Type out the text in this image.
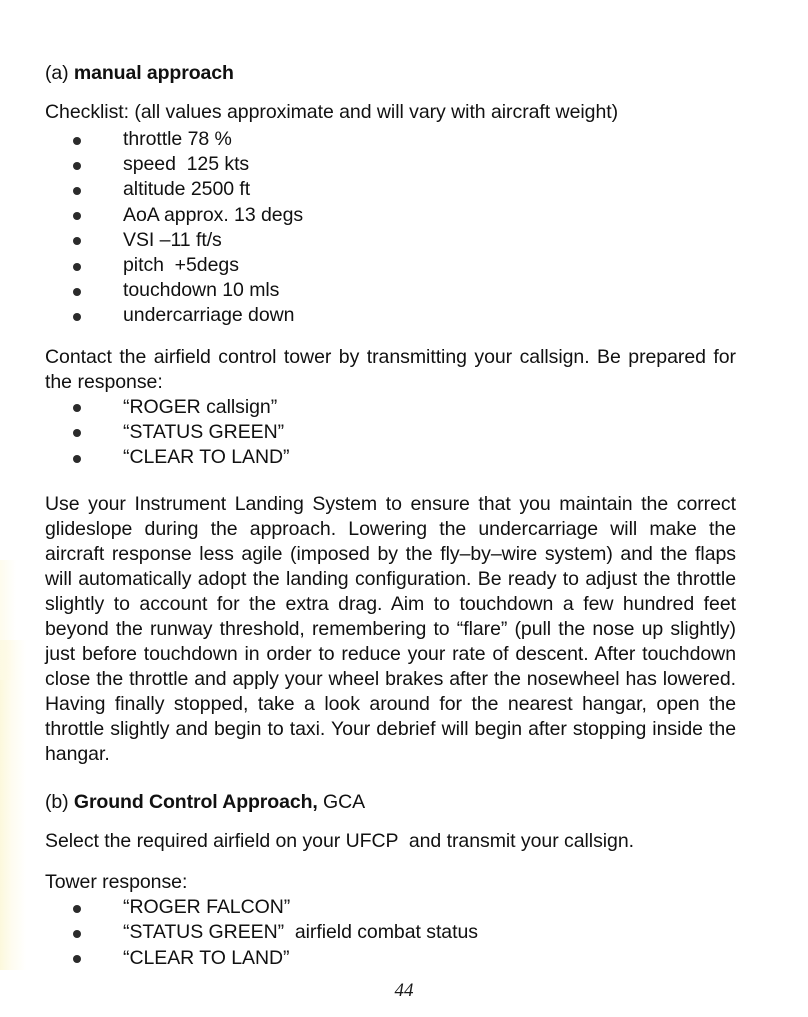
(a) manual approach

Checklist: (all values approximate and will vary with aircraft weight)

throttle 78 %
speed  125 kts
altitude 2500 ft
AoA approx. 13 degs
VSI –11 ft/s
pitch  +5degs
touchdown 10 mls
undercarriage down

Contact the airfield control tower by transmitting your callsign. Be prepared for the response:

“ROGER callsign”
“STATUS GREEN”
“CLEAR TO LAND”

Use your Instrument Landing System to ensure that you maintain the correct glideslope during the approach. Lowering the undercarriage will make the aircraft response less agile (imposed by the fly–by–wire system) and the flaps will automatically adopt the landing configuration. Be ready to adjust the throttle slightly to account for the extra drag. Aim to touchdown a few hundred feet beyond the runway threshold, remembering to “flare” (pull the nose up slightly) just before touchdown in order to reduce your rate of descent. After touchdown close the throttle and apply your wheel brakes after the nosewheel has lowered. Having finally stopped, take a look around for the nearest hangar, open the throttle slightly and begin to taxi. Your debrief will begin after stopping inside the hangar.

(b) Ground Control Approach, GCA

Select the required airfield on your UFCP  and transmit your callsign.

Tower response:

“ROGER FALCON”
“STATUS GREEN”  airfield combat status
“CLEAR TO LAND”
44
